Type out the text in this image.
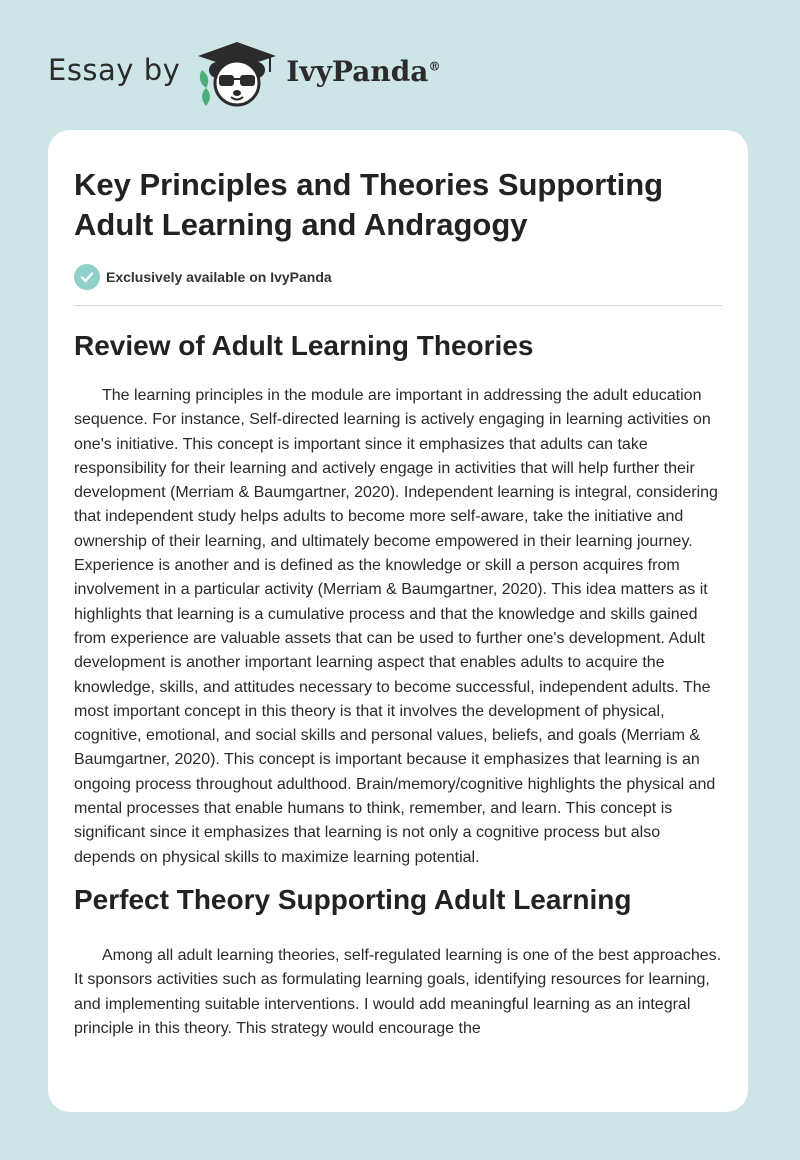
Essay by	IvyPanda®
Key Principles and Theories Supporting Adult Learning and Andragogy
Exclusively available on IvyPanda
Review of Adult Learning Theories

The learning principles in the module are important in addressing the adult education sequence. For instance, Self-directed learning is actively engaging in learning activities on one's initiative. This concept is important since it emphasizes that adults can take responsibility for their learning and actively engage in activities that will help further their development (Merriam & Baumgartner, 2020). Independent learning is integral, considering that independent study helps adults to become more self-aware, take the initiative and ownership of their learning, and ultimately become empowered in their learning journey. Experience is another and is defined as the knowledge or skill a person acquires from involvement in a particular activity (Merriam & Baumgartner, 2020). This idea matters as it highlights that learning is a cumulative process and that the knowledge and skills gained from experience are valuable assets that can be used to further one's development. Adult development is another important learning aspect that enables adults to acquire the knowledge, skills, and attitudes necessary to become successful, independent adults. The most important concept in this theory is that it involves the development of physical, cognitive, emotional, and social skills and personal values, beliefs, and goals (Merriam & Baumgartner, 2020). This concept is important because it emphasizes that learning is an ongoing process throughout adulthood. Brain/memory/cognitive highlights the physical and mental processes that enable humans to think, remember, and learn. This concept is significant since it emphasizes that learning is not only a cognitive process but also depends on physical skills to maximize learning potential.

Perfect Theory Supporting Adult Learning

Among all adult learning theories, self-regulated learning is one of the best approaches. It sponsors activities such as formulating learning goals, identifying resources for learning, and implementing suitable interventions. I would add meaningful learning as an integral principle in this theory. This strategy would encourage the
